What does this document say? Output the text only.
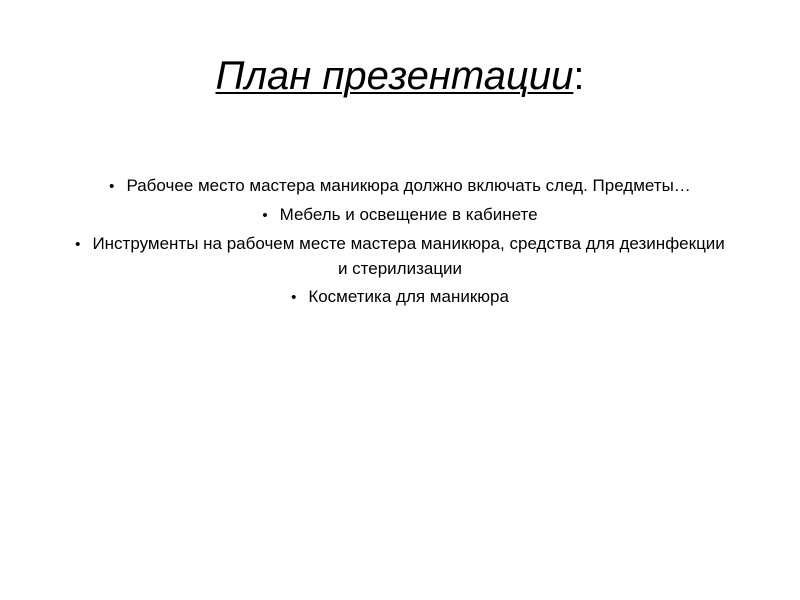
План презентации:
• Рабочее место мастера маникюра должно включать след. Предметы…
• Мебель и освещение в кабинете
• Инструменты на рабочем месте мастера маникюра, средства для дезинфекции и стерилизации
• Косметика для маникюра
